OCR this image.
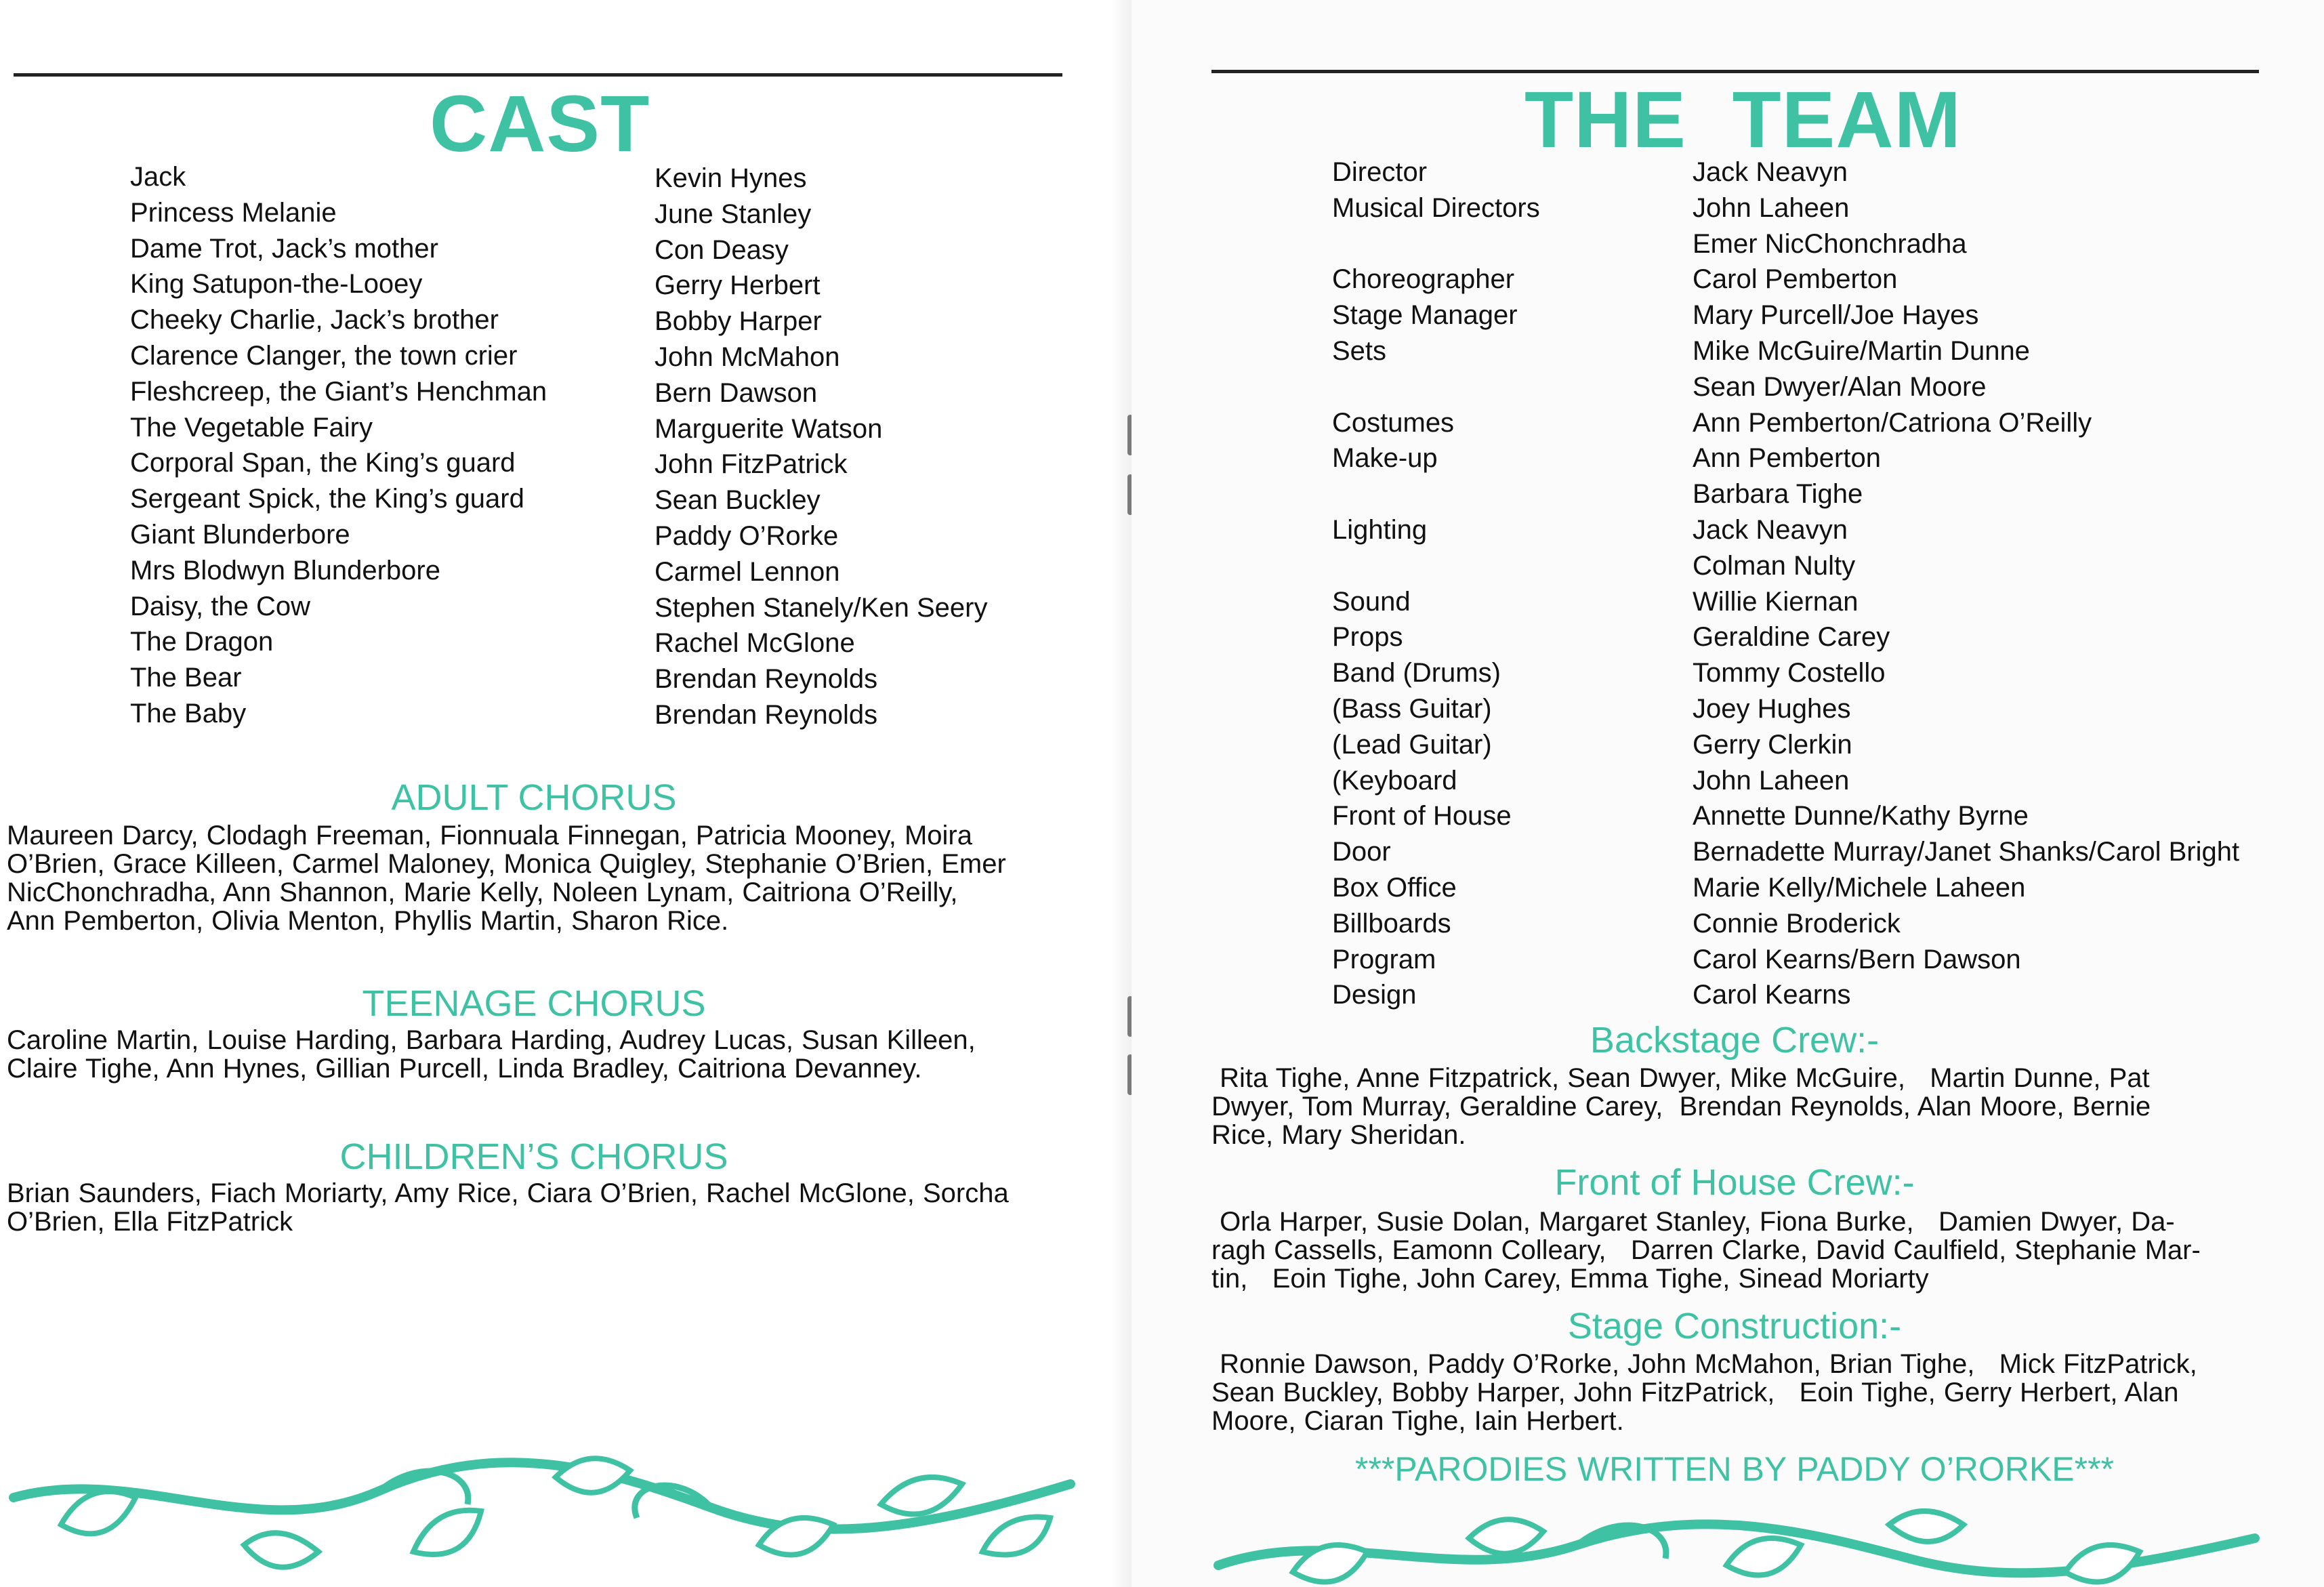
CAST
Jack
Princess Melanie
Dame Trot, Jack’s mother
King Satupon-the-Looey
Cheeky Charlie, Jack’s brother
Clarence Clanger, the town crier
Fleshcreep, the Giant’s Henchman
The Vegetable Fairy
Corporal Span, the King’s guard
Sergeant Spick, the King’s guard
Giant Blunderbore
Mrs Blodwyn Blunderbore
Daisy, the Cow
The Dragon
The Bear
The Baby
Kevin Hynes
June Stanley
Con Deasy
Gerry Herbert
Bobby Harper
John McMahon
Bern Dawson
Marguerite Watson
John FitzPatrick
Sean Buckley
Paddy O’Rorke
Carmel Lennon
Stephen Stanely/Ken Seery
Rachel McGlone
Brendan Reynolds
Brendan Reynolds
ADULT CHORUS
Maureen Darcy, Clodagh Freeman, Fionnuala Finnegan, Patricia Mooney, Moira
O’Brien, Grace Killeen, Carmel Maloney, Monica Quigley, Stephanie O’Brien, Emer
NicChonchradha, Ann Shannon, Marie Kelly, Noleen Lynam, Caitriona O’Reilly,
Ann Pemberton, Olivia Menton, Phyllis Martin, Sharon Rice.
TEENAGE CHORUS
Caroline Martin, Louise Harding, Barbara Harding, Audrey Lucas, Susan Killeen,
Claire Tighe, Ann Hynes, Gillian Purcell, Linda Bradley, Caitriona Devanney.
CHILDREN’S CHORUS
Brian Saunders, Fiach Moriarty, Amy Rice, Ciara O’Brien, Rachel McGlone, Sorcha
O’Brien, Ella FitzPatrick
THE  TEAM
Director
Musical Directors
Choreographer
Stage Manager
Sets
Costumes
Make-up
Lighting
Sound
Props
Band (Drums)
(Bass Guitar)
(Lead Guitar)
(Keyboard
Front of House
Door
Box Office
Billboards
Program
Design
Jack Neavyn
John Laheen
Emer NicChonchradha
Carol Pemberton
Mary Purcell/Joe Hayes
Mike McGuire/Martin Dunne
Sean Dwyer/Alan Moore
Ann Pemberton/Catriona O’Reilly
Ann Pemberton
Barbara Tighe
Jack Neavyn
Colman Nulty
Willie Kiernan
Geraldine Carey
Tommy Costello
Joey Hughes
Gerry Clerkin
John Laheen
Annette Dunne/Kathy Byrne
Bernadette Murray/Janet Shanks/Carol Bright
Marie Kelly/Michele Laheen
Connie Broderick
Carol Kearns/Bern Dawson
Carol Kearns
Backstage Crew:-
Rita Tighe, Anne Fitzpatrick, Sean Dwyer, Mike McGuire,   Martin Dunne, Pat
Dwyer, Tom Murray, Geraldine Carey,  Brendan Reynolds, Alan Moore, Bernie
Rice, Mary Sheridan.
Front of House Crew:-
Orla Harper, Susie Dolan, Margaret Stanley, Fiona Burke,   Damien Dwyer, Da-
ragh Cassells, Eamonn Colleary,   Darren Clarke, David Caulfield, Stephanie Mar-
tin,   Eoin Tighe, John Carey, Emma Tighe, Sinead Moriarty
Stage Construction:-
Ronnie Dawson, Paddy O’Rorke, John McMahon, Brian Tighe,   Mick FitzPatrick,
Sean Buckley, Bobby Harper, John FitzPatrick,   Eoin Tighe, Gerry Herbert, Alan
Moore, Ciaran Tighe, Iain Herbert.
***PARODIES WRITTEN BY PADDY O’RORKE***
